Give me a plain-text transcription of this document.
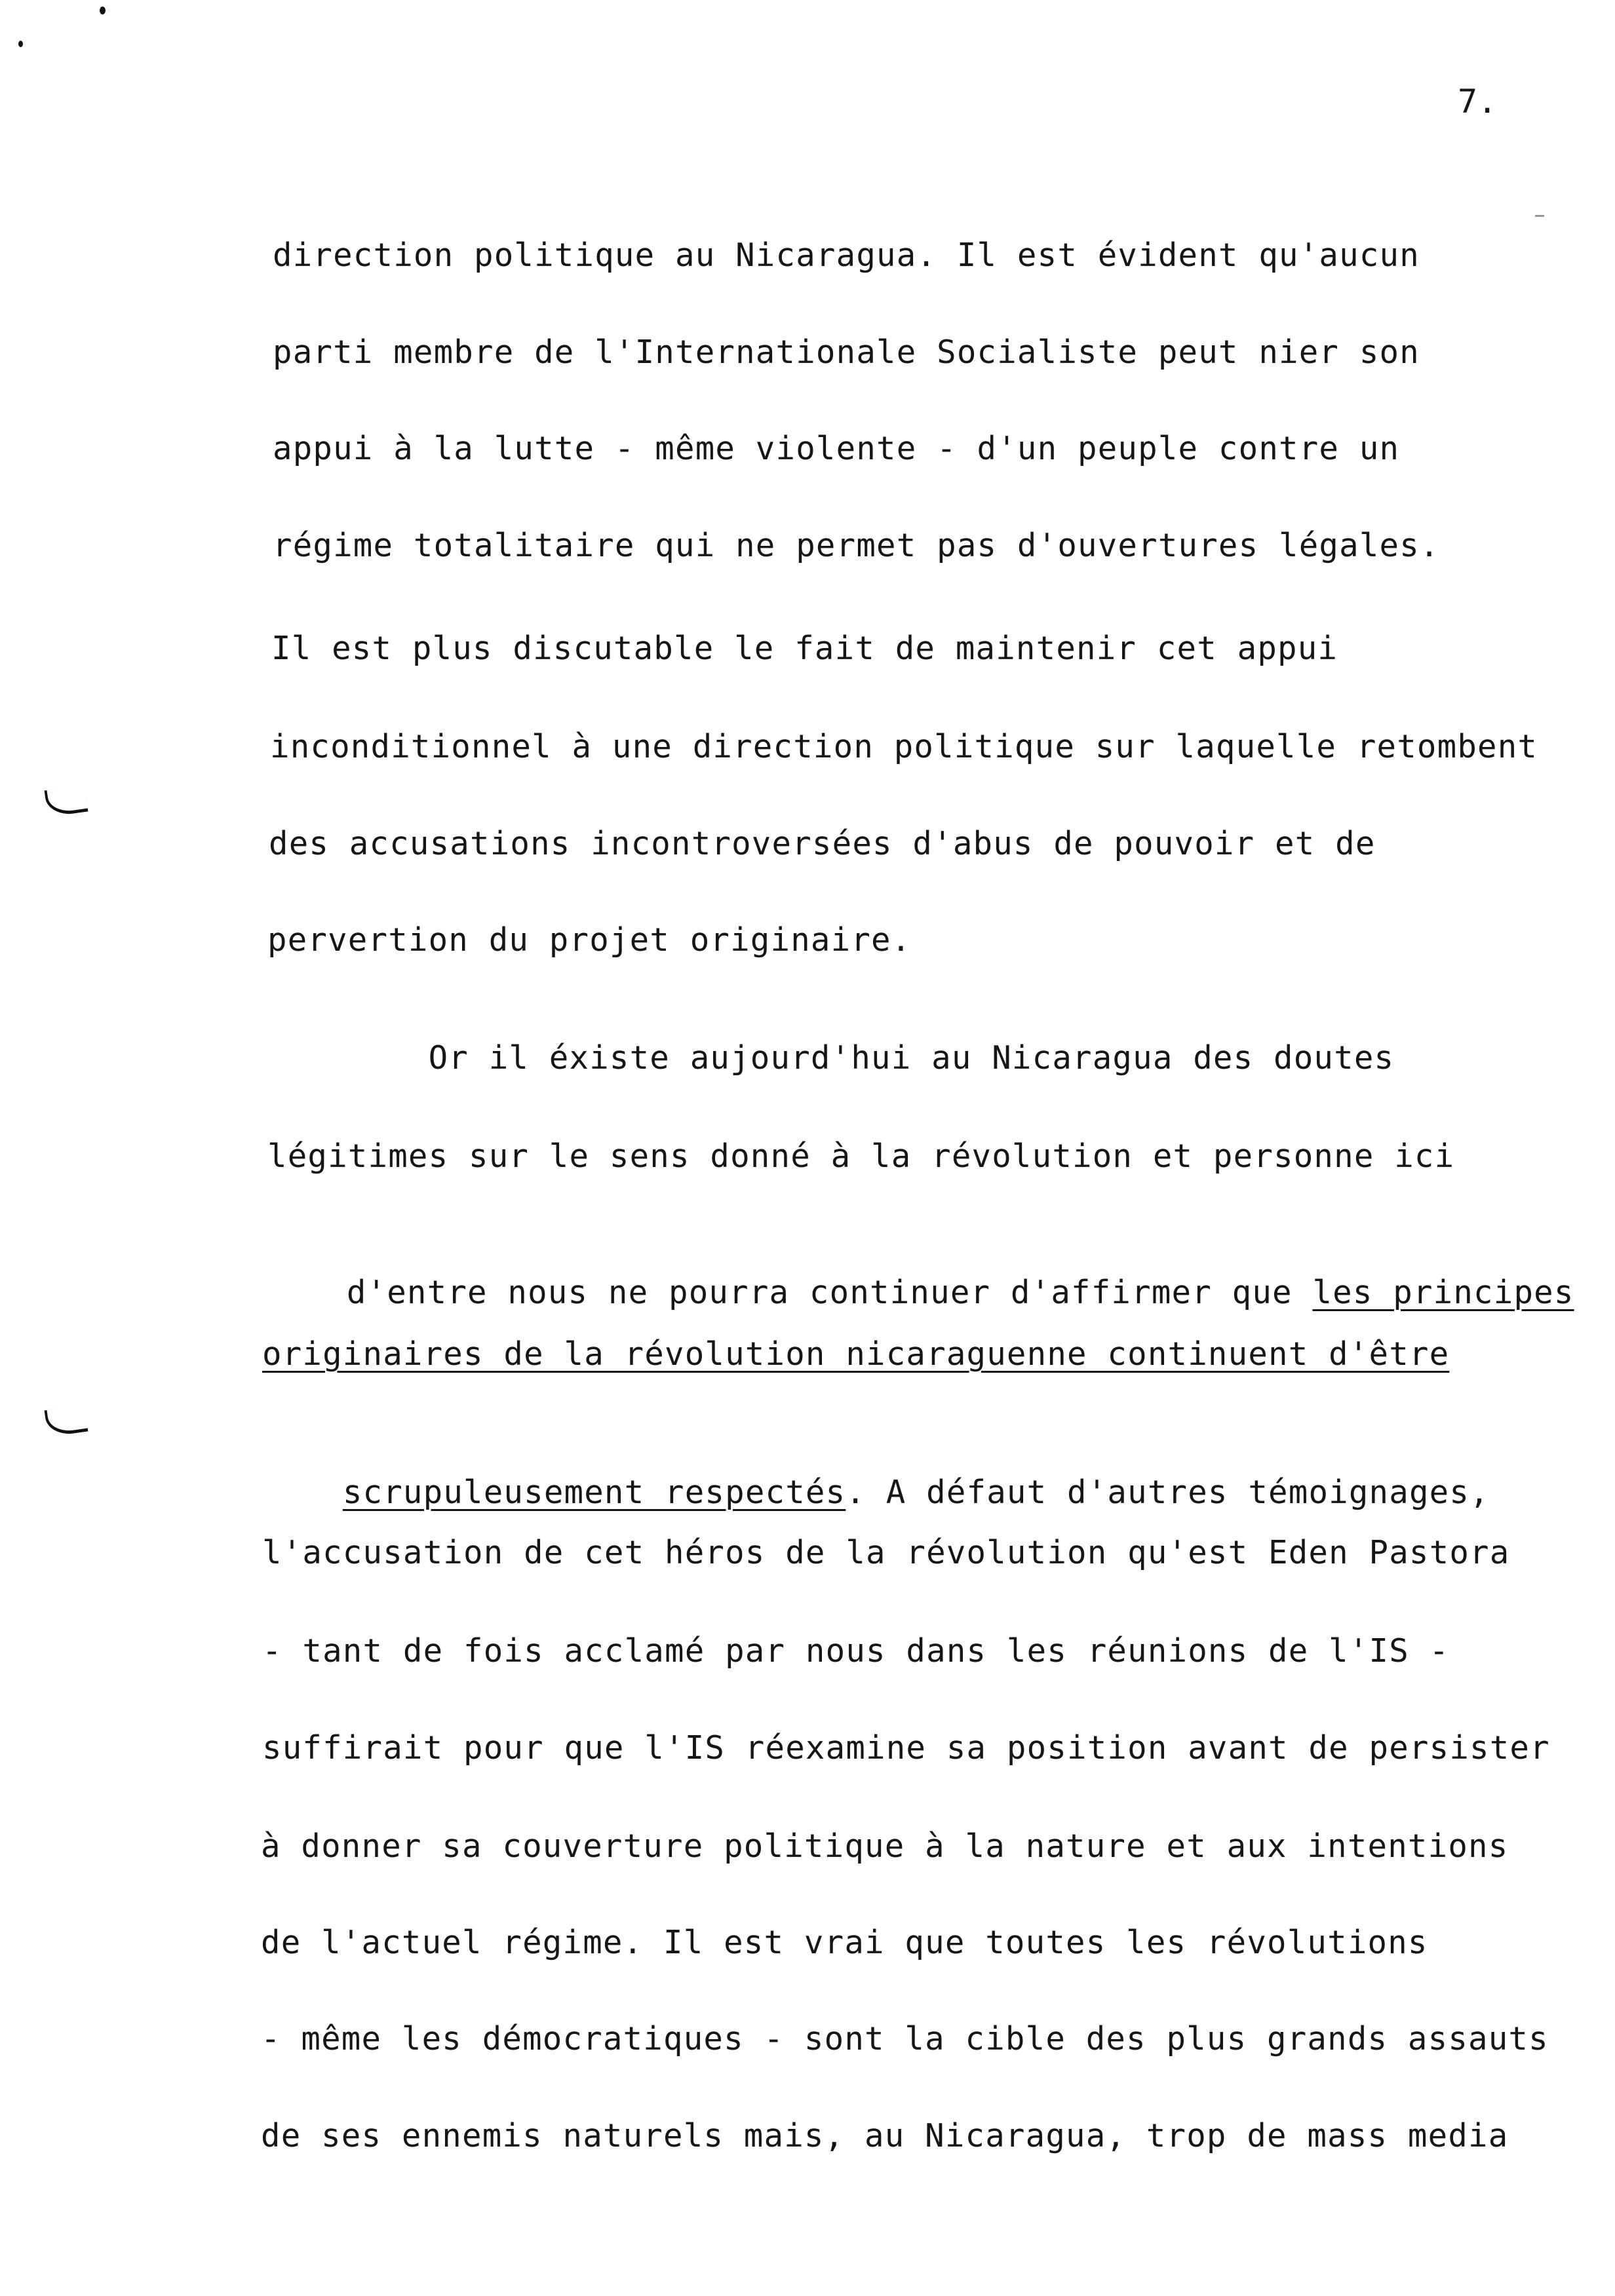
7.
direction politique au Nicaragua. Il est évident qu'aucun
parti membre de l'Internationale Socialiste peut nier son
appui à la lutte - même violente - d'un peuple contre un
régime totalitaire qui ne permet pas d'ouvertures légales.
Il est plus discutable le fait de maintenir cet appui
inconditionnel à une direction politique sur laquelle retombent
des accusations incontroversées d'abus de pouvoir et de
pervertion du projet originaire.
Or il éxiste aujourd'hui au Nicaragua des doutes
légitimes sur le sens donné à la révolution et personne ici

d'entre nous ne pourra continuer d'affirmer que les principes

originaires de la révolution nicaraguenne continuent d'être

scrupuleusement respectés. A défaut d'autres témoignages,

l'accusation de cet héros de la révolution qu'est Eden Pastora
- tant de fois acclamé par nous dans les réunions de l'IS -
suffirait pour que l'IS réexamine sa position avant de persister
à donner sa couverture politique à la nature et aux intentions
de l'actuel régime. Il est vrai que toutes les révolutions
- même les démocratiques - sont la cible des plus grands assauts
de ses ennemis naturels mais, au Nicaragua, trop de mass media
